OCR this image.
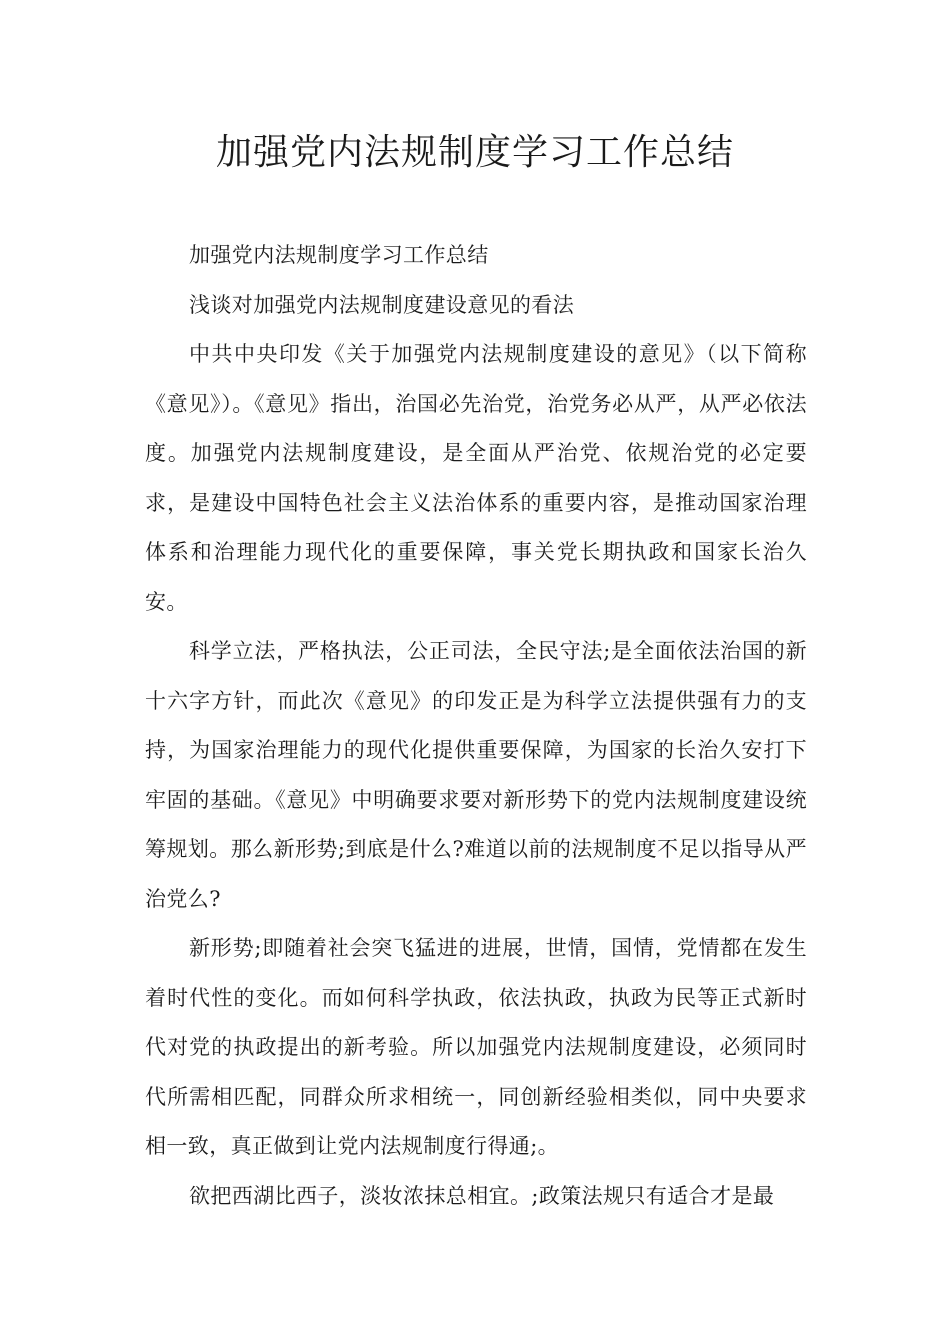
加强党内法规制度学习工作总结

加强党内法规制度学习工作总结

浅谈对加强党内法规制度建设意见的看法

中共中央印发《关于加强党内法规制度建设的意见》（以下简称《意见》）。《意见》指出，治国必先治党，治党务必从严，从严必依法度。加强党内法规制度建设，是全面从严治党、依规治党的必定要求，是建设中国特色社会主义法治体系的重要内容，是推动国家治理体系和治理能力现代化的重要保障，事关党长期执政和国家长治久安。

科学立法，严格执法，公正司法，全民守法;是全面依法治国的新十六字方针，而此次《意见》的印发正是为科学立法提供强有力的支持，为国家治理能力的现代化提供重要保障，为国家的长治久安打下牢固的基础。《意见》中明确要求要对新形势下的党内法规制度建设统筹规划。那么新形势;到底是什么?难道以前的法规制度不足以指导从严治党么?

新形势;即随着社会突飞猛进的进展，世情，国情，党情都在发生着时代性的变化。而如何科学执政，依法执政，执政为民等正式新时代对党的执政提出的新考验。所以加强党内法规制度建设，必须同时代所需相匹配，同群众所求相统一，同创新经验相类似，同中央要求相一致，真正做到让党内法规制度行得通;。

欲把西湖比西子，淡妆浓抹总相宜。;政策法规只有适合才是最
